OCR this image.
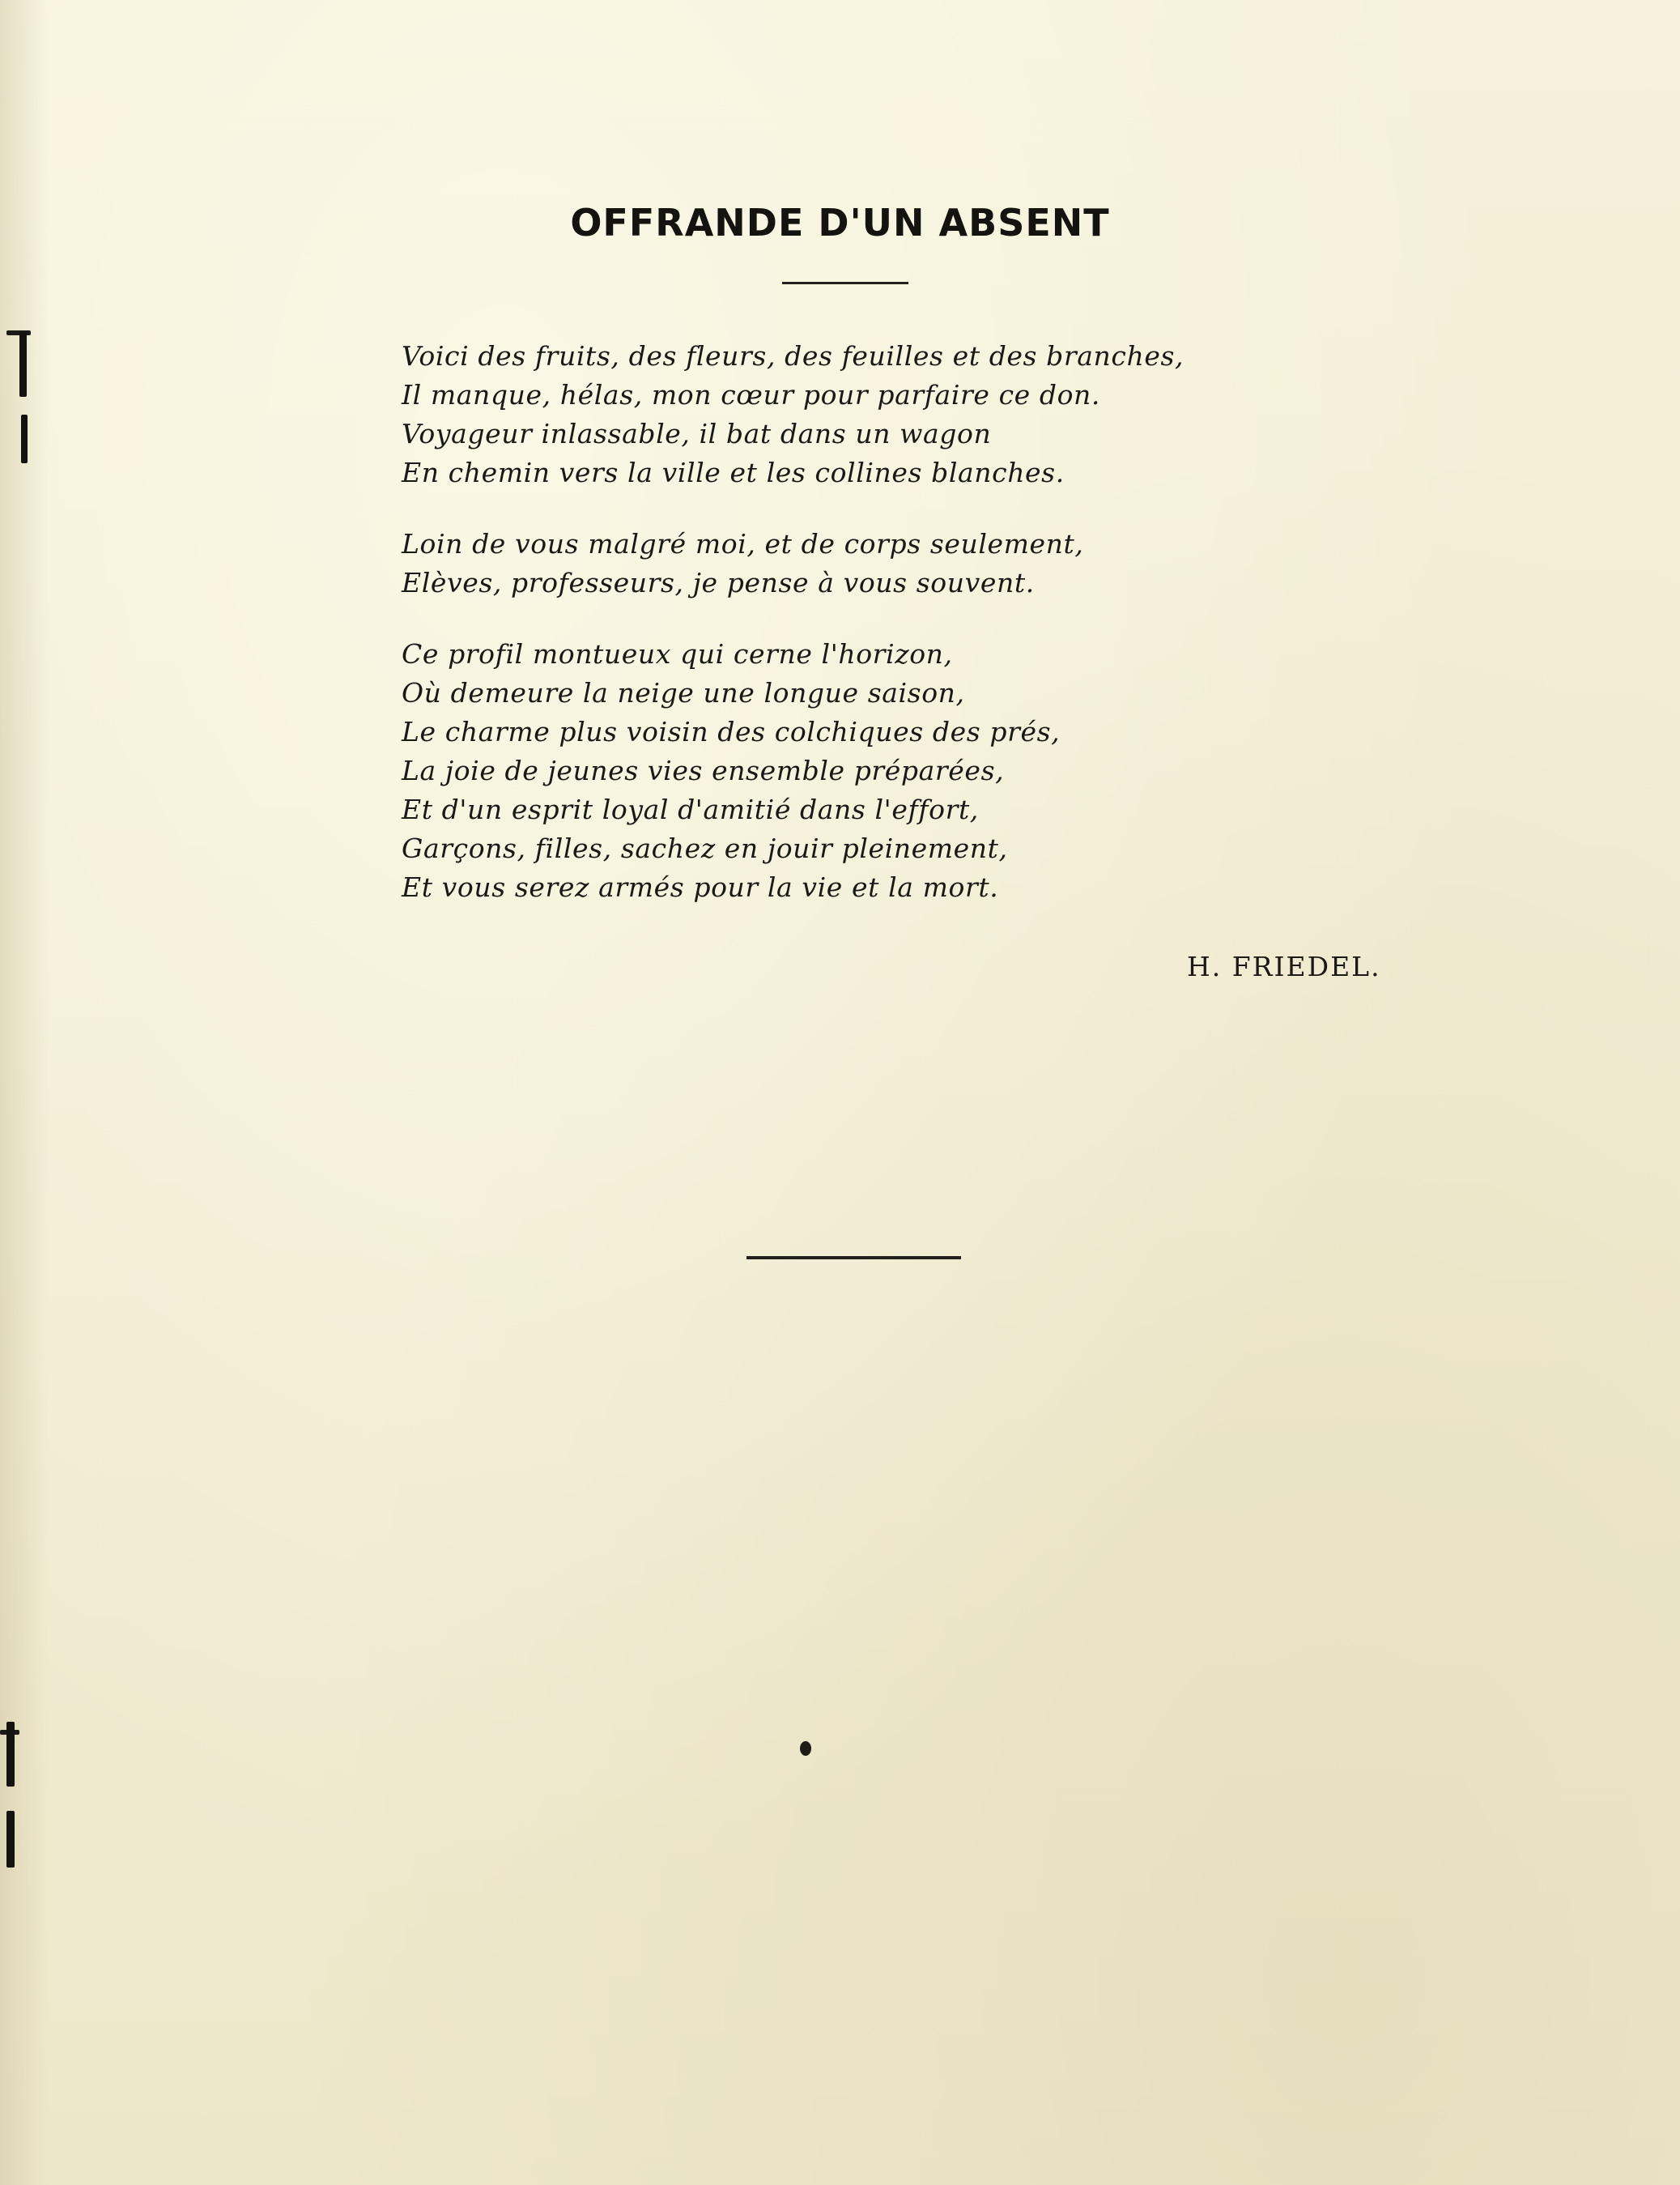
OFFRANDE D'UN ABSENT

Voici des fruits, des fleurs, des feuilles et des branches,
Il manque, hélas, mon cœur pour parfaire ce don.
Voyageur inlassable, il bat dans un wagon
En chemin vers la ville et les collines blanches.

Loin de vous malgré moi, et de corps seulement,
Elèves, professeurs, je pense à vous souvent.

Ce profil montueux qui cerne l'horizon,
Où demeure la neige une longue saison,
Le charme plus voisin des colchiques des prés,
La joie de jeunes vies ensemble préparées,
Et d'un esprit loyal d'amitié dans l'effort,
Garçons, filles, sachez en jouir pleinement,
Et vous serez armés pour la vie et la mort.

H. FRIEDEL.
